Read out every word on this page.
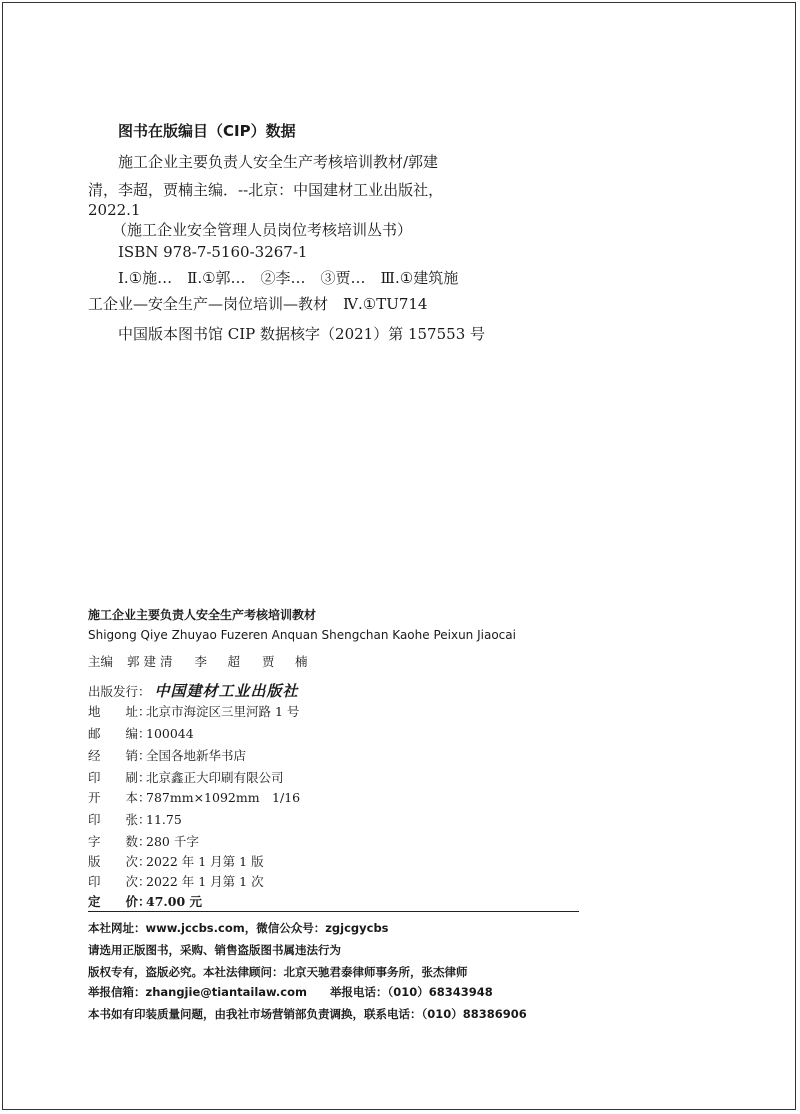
图书在版编目（CIP）数据
施工企业主要负责人安全生产考核培训教材/郭建
清，李超，贾楠主编．--北京：中国建材工业出版社，
2022.1
（施工企业安全管理人员岗位考核培训丛书）
ISBN 978-7-5160-3267-1
Ⅰ.①施…　Ⅱ.①郭…　②李…　③贾…　Ⅲ.①建筑施
工企业—安全生产—岗位培训—教材　Ⅳ.①TU714
中国版本图书馆 CIP 数据核字（2021）第 157553 号
施工企业主要负责人安全生产考核培训教材
Shigong Qiye Zhuyao Fuzeren Anquan Shengchan Kaohe Peixun Jiaocai
主编 郭建清 李　超 贾　楠
出版发行： 中国建材工业出版社
地　　址：北京市海淀区三里河路 1 号
邮　　编：100044
经　　销：全国各地新华书店
印　　刷：北京鑫正大印刷有限公司
开　　本：787mm×1092mm　1/16
印　　张：11.75
字　　数：280 千字
版　　次：2022 年 1 月第 1 版
印　　次：2022 年 1 月第 1 次
定　　价：47.00 元
本社网址：www.jccbs.com，微信公众号：zgjcgycbs
请选用正版图书，采购、销售盗版图书属违法行为
版权专有，盗版必究。本社法律顾问：北京天驰君泰律师事务所，张杰律师
举报信箱：zhangjie@tiantailaw.com　　举报电话：（010）68343948
本书如有印装质量问题，由我社市场营销部负责调换，联系电话：（010）88386906
